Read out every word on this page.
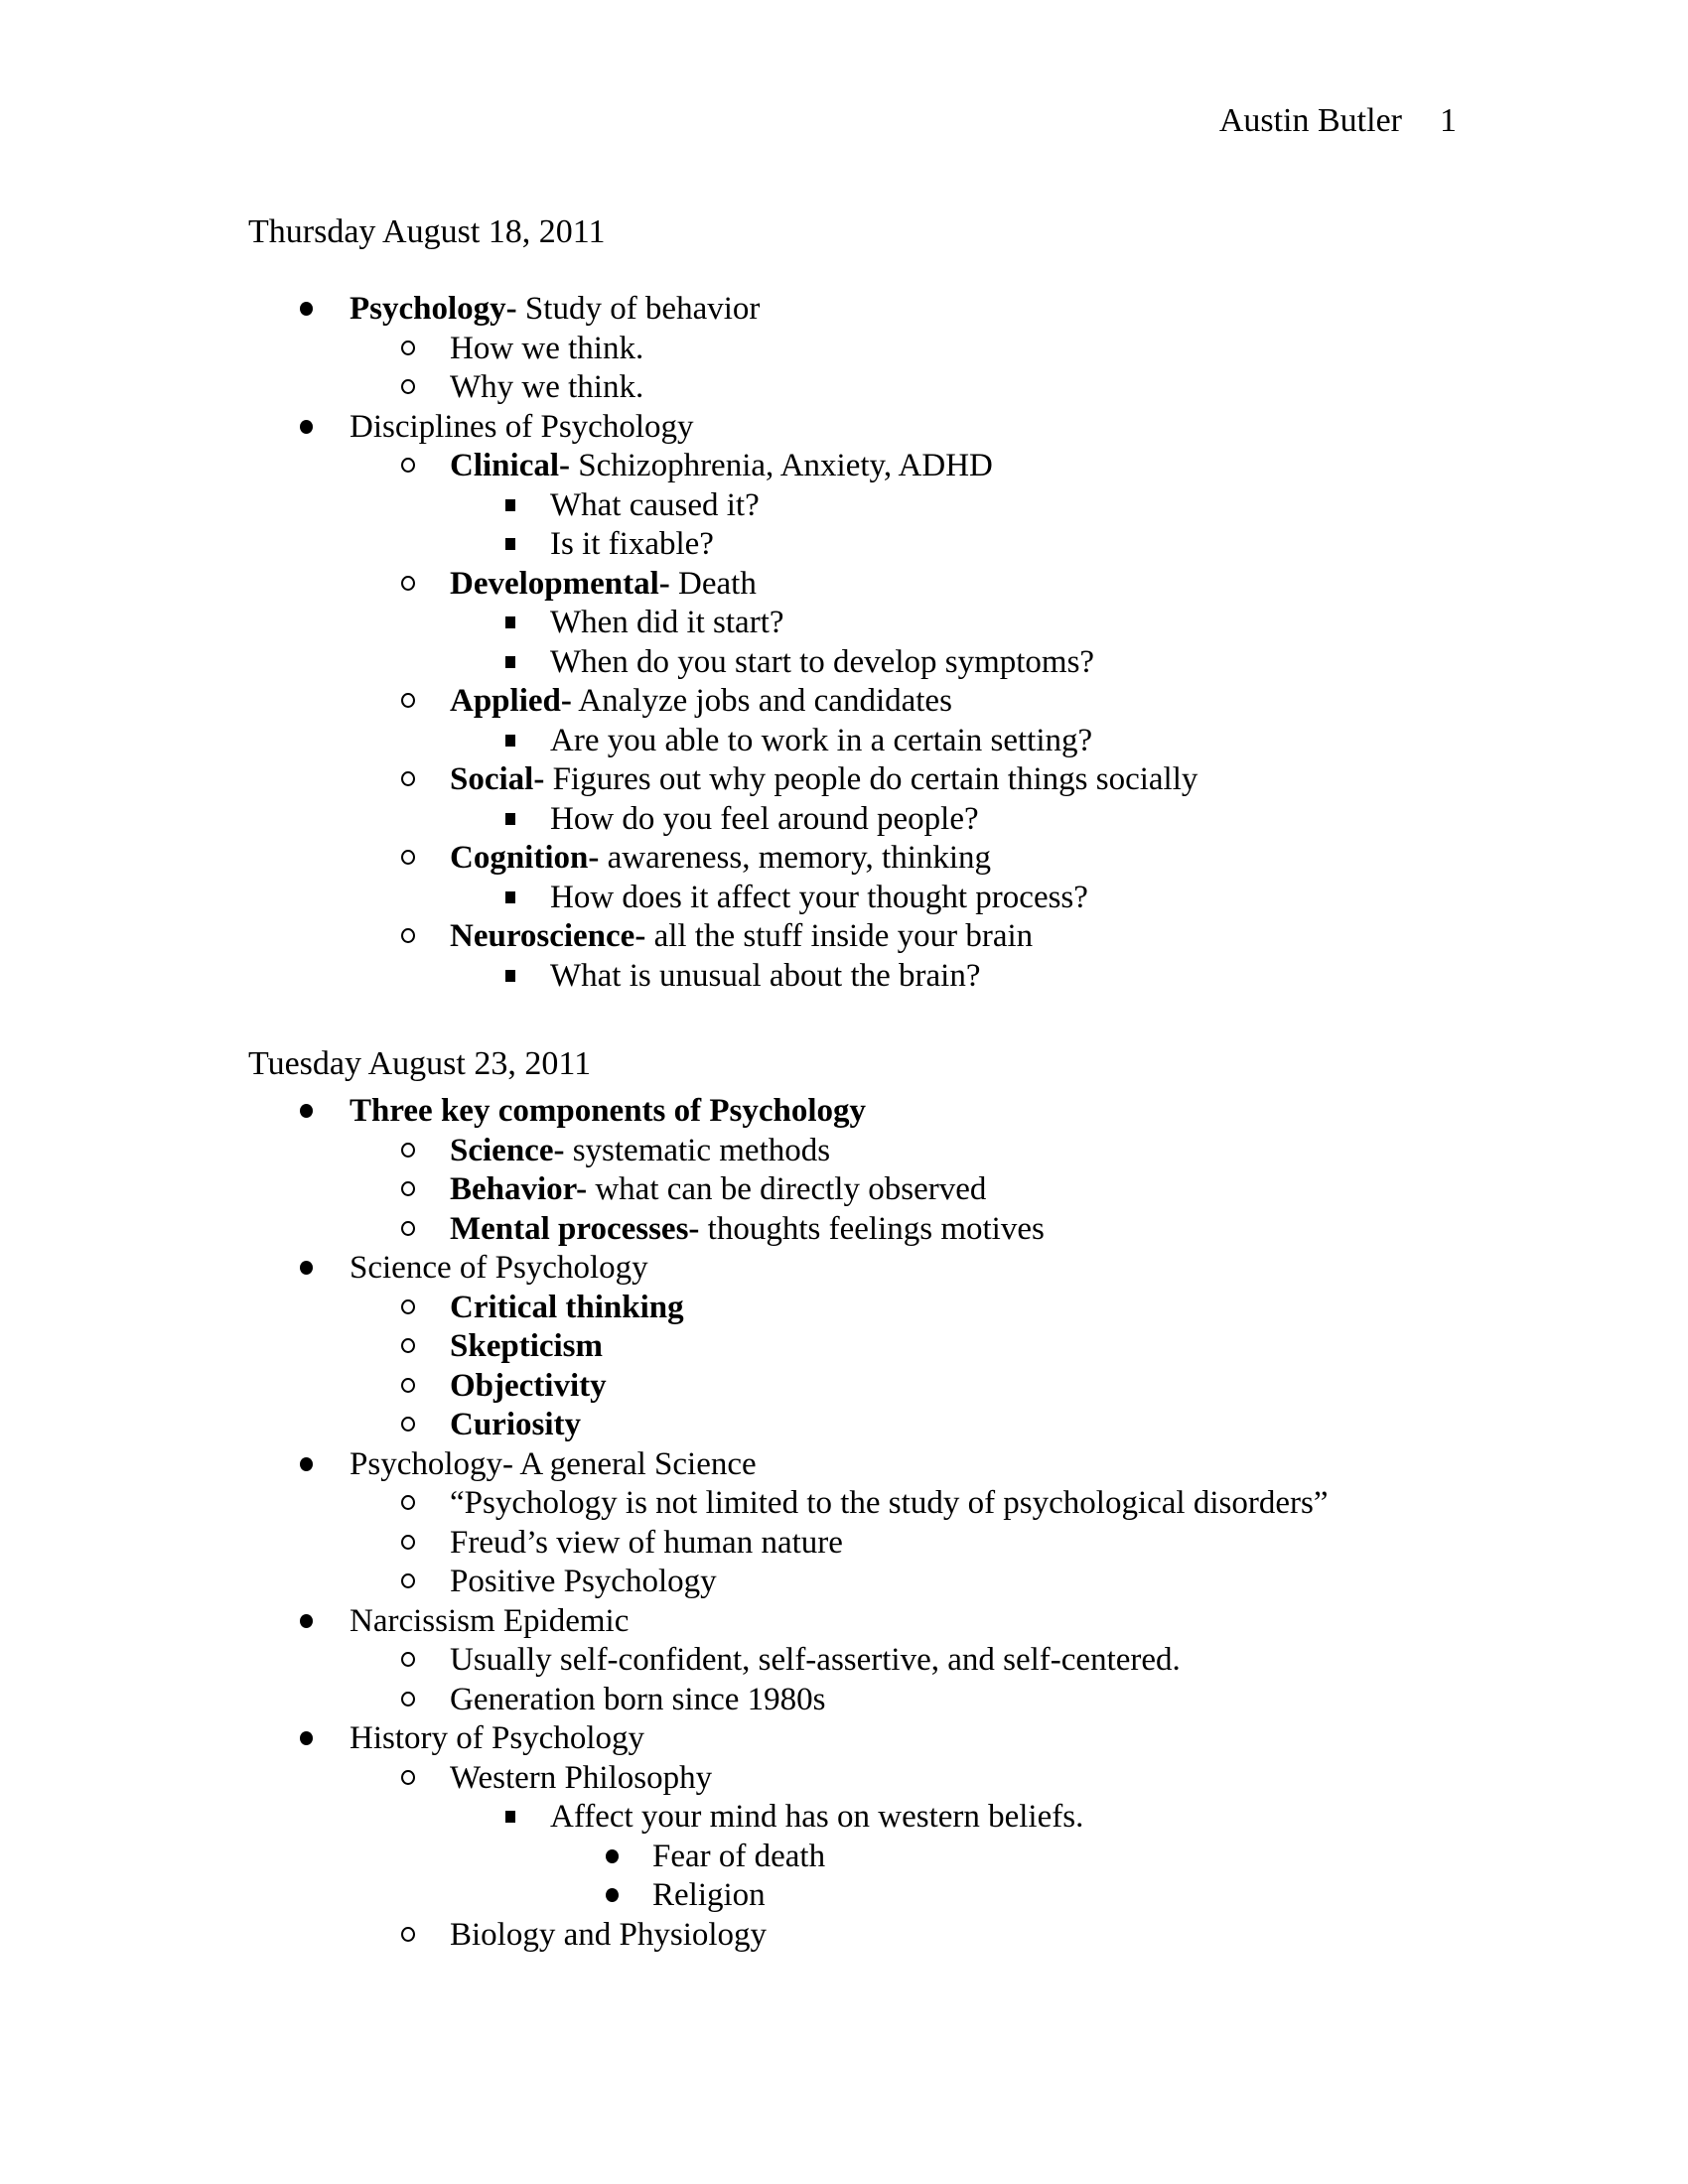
Austin Butler 1
Thursday August 18, 2011
Psychology- Study of behavior
How we think.
Why we think.
Disciplines of Psychology
Clinical- Schizophrenia, Anxiety, ADHD
What caused it?
Is it fixable?
Developmental- Death
When did it start?
When do you start to develop symptoms?
Applied- Analyze jobs and candidates
Are you able to work in a certain setting?
Social- Figures out why people do certain things socially
How do you feel around people?
Cognition- awareness, memory, thinking
How does it affect your thought process?
Neuroscience- all the stuff inside your brain
What is unusual about the brain?
Tuesday August 23, 2011
Three key components of Psychology
Science- systematic methods
Behavior- what can be directly observed
Mental processes- thoughts feelings motives
Science of Psychology
Critical thinking
Skepticism
Objectivity
Curiosity
Psychology- A general Science
“Psychology is not limited to the study of psychological disorders”
Freud’s view of human nature
Positive Psychology
Narcissism Epidemic
Usually self-confident, self-assertive, and self-centered.
Generation born since 1980s
History of Psychology
Western Philosophy
Affect your mind has on western beliefs.
Fear of death
Religion
Biology and Physiology
